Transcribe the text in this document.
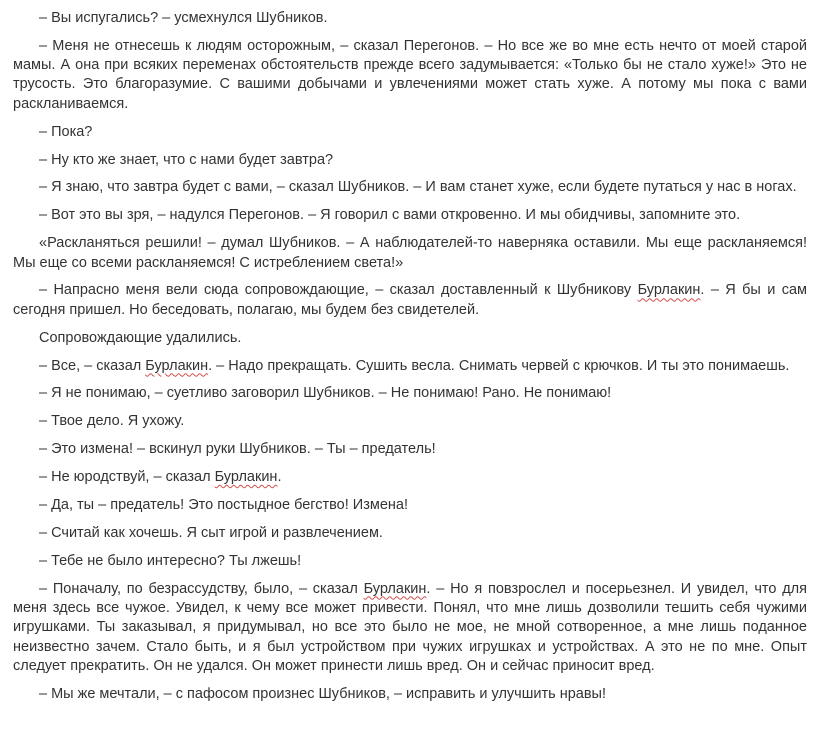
– Вы испугались? – усмехнулся Шубников.

– Меня не отнесешь к людям осторожным, – сказал Перегонов. – Но все же во мне есть нечто от моей старой мамы. А она при всяких переменах обстоятельств прежде всего задумывается: «Только бы не стало хуже!» Это не трусость. Это благоразумие. С вашими добычами и увлечениями может стать хуже. А потому мы пока с вами раскланиваемся.

– Пока?

– Ну кто же знает, что с нами будет завтра?

– Я знаю, что завтра будет с вами, – сказал Шубников. – И вам станет хуже, если будете путаться у нас в ногах.

– Вот это вы зря, – надулся Перегонов. – Я говорил с вами откровенно. И мы обидчивы, запомните это.

«Раскланяться решили! – думал Шубников. – А наблюдателей-то наверняка оставили. Мы еще раскланяемся! Мы еще со всеми раскланяемся! С истреблением света!»

– Напрасно меня вели сюда сопровождающие, – сказал доставленный к Шубникову Бурлакин. – Я бы и сам сегодня пришел. Но беседовать, полагаю, мы будем без свидетелей.

Сопровождающие удалились.

– Все, – сказал Бурлакин. – Надо прекращать. Сушить весла. Снимать червей с крючков. И ты это понимаешь.

– Я не понимаю, – суетливо заговорил Шубников. – Не понимаю! Рано. Не понимаю!

– Твое дело. Я ухожу.

– Это измена! – вскинул руки Шубников. – Ты – предатель!

– Не юродствуй, – сказал Бурлакин.

– Да, ты – предатель! Это постыдное бегство! Измена!

– Считай как хочешь. Я сыт игрой и развлечением.

– Тебе не было интересно? Ты лжешь!

– Поначалу, по безрассудству, было, – сказал Бурлакин. – Но я повзрослел и посерьезнел. И увидел, что для меня здесь все чужое. Увидел, к чему все может привести. Понял, что мне лишь дозволили тешить себя чужими игрушками. Ты заказывал, я придумывал, но все это было не мое, не мной сотворенное, а мне лишь поданное неизвестно зачем. Стало быть, и я был устройством при чужих игрушках и устройствах. А это не по мне. Опыт следует прекратить. Он не удался. Он может принести лишь вред. Он и сейчас приносит вред.

– Мы же мечтали, – с пафосом произнес Шубников, – исправить и улучшить нравы!
